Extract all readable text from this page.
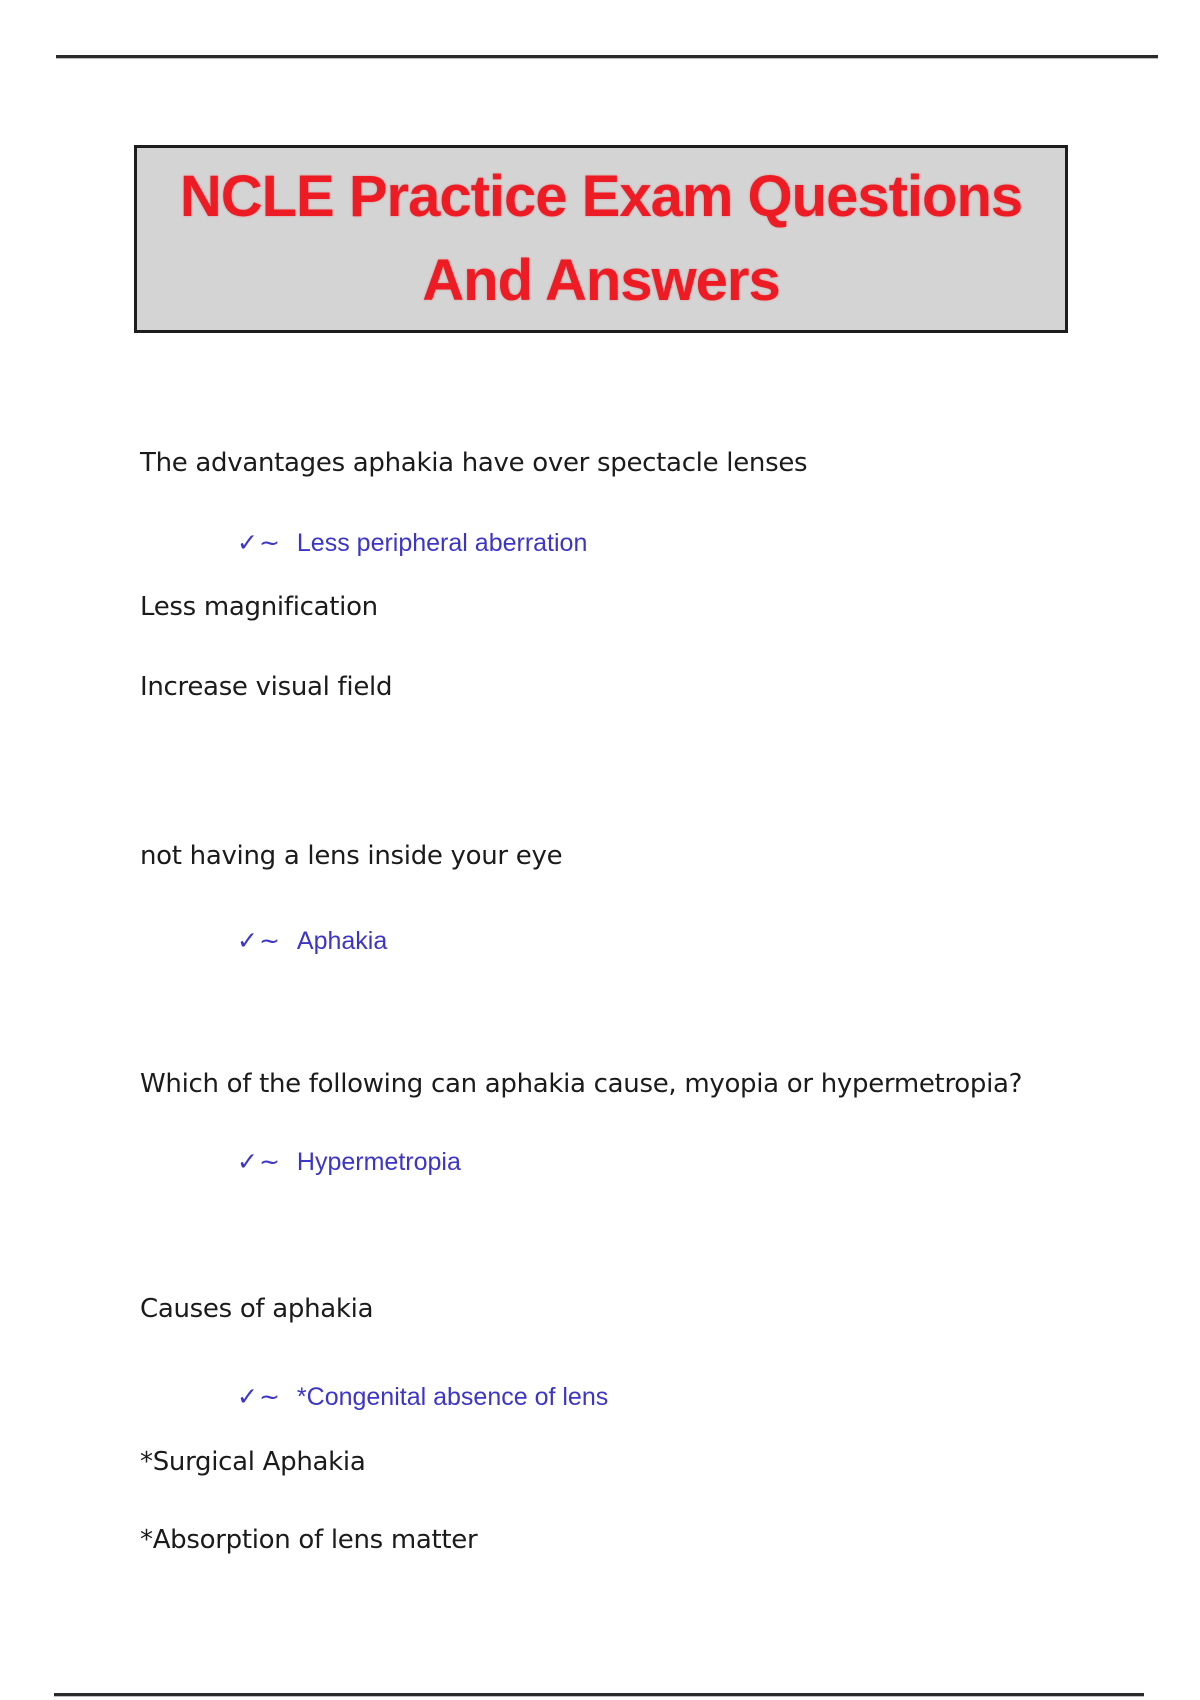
NCLE Practice Exam Questions
And Answers
The advantages aphakia have over spectacle lenses
✓~ Less peripheral aberration
Less magnification
Increase visual field
not having a lens inside your eye
✓~ Aphakia
Which of the following can aphakia cause, myopia or hypermetropia?
✓~ Hypermetropia
Causes of aphakia
✓~ *Congenital absence of lens
*Surgical Aphakia
*Absorption of lens matter
